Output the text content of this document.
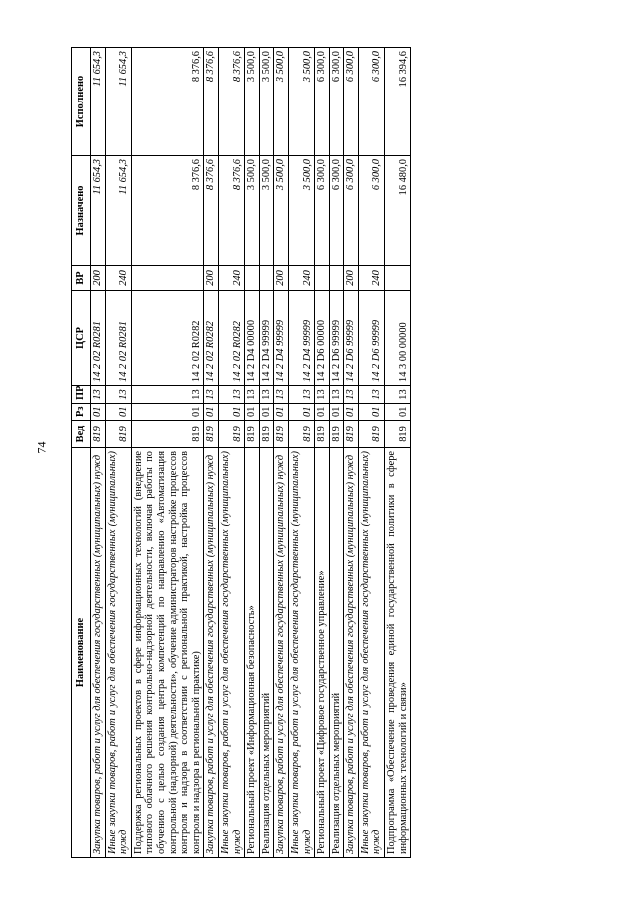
74
Наименование	Вед	Рз	ПР	ЦСР	ВР	Назначено	Исполнено
Закупка товаров, работ и услуг для обеспечения государственных (муниципальных) нужд	819	01	13	14 2 02 R0281	200	11 654,3	11 654,3
Иные закупки товаров, работ и услуг для обеспечения государственных (муниципальных) нужд	819	01	13	14 2 02 R0281	240	11 654,3	11 654,3
Поддержка региональных проектов в сфере информационных технологий (внедрение типового облачного решения контрольно-надзорной деятельности, включая работы по обучению с целью создания центра компетенций по направлению «Автоматизация контрольной (надзорной) деятельности», обучение администраторов настройке процессов контроля и надзора в соответствии с региональной практикой, настройка процессов контроля и надзора в региональной практике)	819	01	13	14 2 02 R0282		8 376,6	8 376,6
Закупка товаров, работ и услуг для обеспечения государственных (муниципальных) нужд	819	01	13	14 2 02 R0282	200	8 376,6	8 376,6
Иные закупки товаров, работ и услуг для обеспечения государственных (муниципальных) нужд	819	01	13	14 2 02 R0282	240	8 376,6	8 376,6
Региональный проект «Информационная безопасность»	819	01	13	14 2 D4 00000		3 500,0	3 500,0
Реализация отдельных мероприятий	819	01	13	14 2 D4 99999		3 500,0	3 500,0
Закупка товаров, работ и услуг для обеспечения государственных (муниципальных) нужд	819	01	13	14 2 D4 99999	200	3 500,0	3 500,0
Иные закупки товаров, работ и услуг для обеспечения государственных (муниципальных) нужд	819	01	13	14 2 D4 99999	240	3 500,0	3 500,0
Региональный проект «Цифровое государственное управление»	819	01	13	14 2 D6 00000		6 300,0	6 300,0
Реализация отдельных мероприятий	819	01	13	14 2 D6 99999		6 300,0	6 300,0
Закупка товаров, работ и услуг для обеспечения государственных (муниципальных) нужд	819	01	13	14 2 D6 99999	200	6 300,0	6 300,0
Иные закупки товаров, работ и услуг для обеспечения государственных (муниципальных) нужд	819	01	13	14 2 D6 99999	240	6 300,0	6 300,0
Подпрограмма «Обеспечение проведения единой государственной политики в сфере информационных технологий и связи»	819	01	13	14 3 00 00000		16 480,0	16 394,6
